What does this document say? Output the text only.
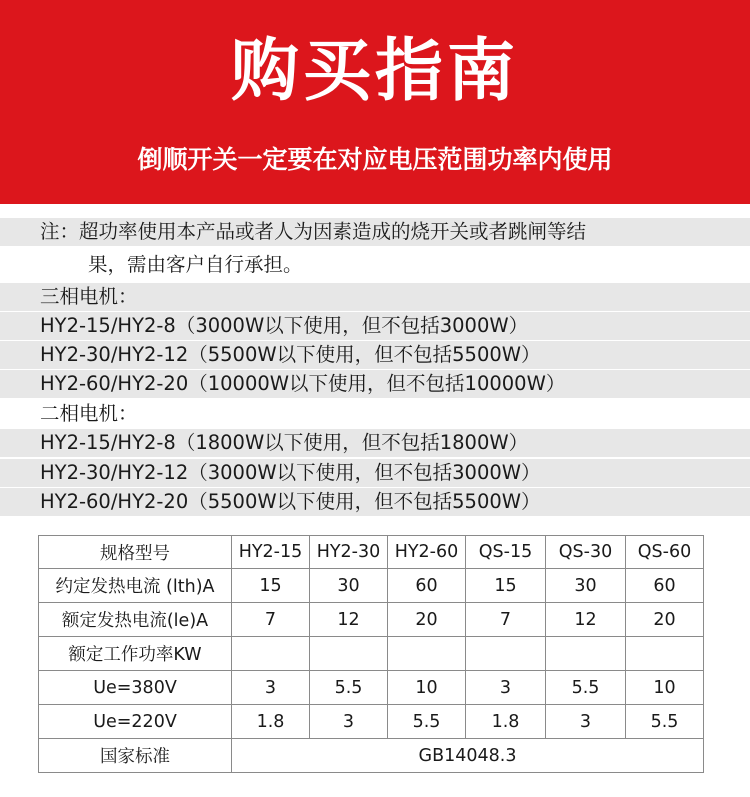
购买指南
倒顺开关一定要在对应电压范围功率内使用
注：超功率使用本产品或者人为因素造成的烧开关或者跳闸等结
果，需由客户自行承担。
三相电机：
HY2-15/HY2-8（3000W以下使用，但不包括3000W）
HY2-30/HY2-12（5500W以下使用，但不包括5500W）
HY2-60/HY2-20（10000W以下使用，但不包括10000W）
二相电机：
HY2-15/HY2-8（1800W以下使用，但不包括1800W）
HY2-30/HY2-12（3000W以下使用，但不包括3000W）
HY2-60/HY2-20（5500W以下使用，但不包括5500W）
规格型号	HY2-15	HY2-30	HY2-60	QS-15	QS-30	QS-60
约定发热电流 (lth)A	15	30	60	15	30	60
额定发热电流(le)A	7	12	20	7	12	20
额定工作功率KW						
Ue=380V	3	5.5	10	3	5.5	10
Ue=220V	1.8	3	5.5	1.8	3	5.5
国家标准	GB14048.3					
